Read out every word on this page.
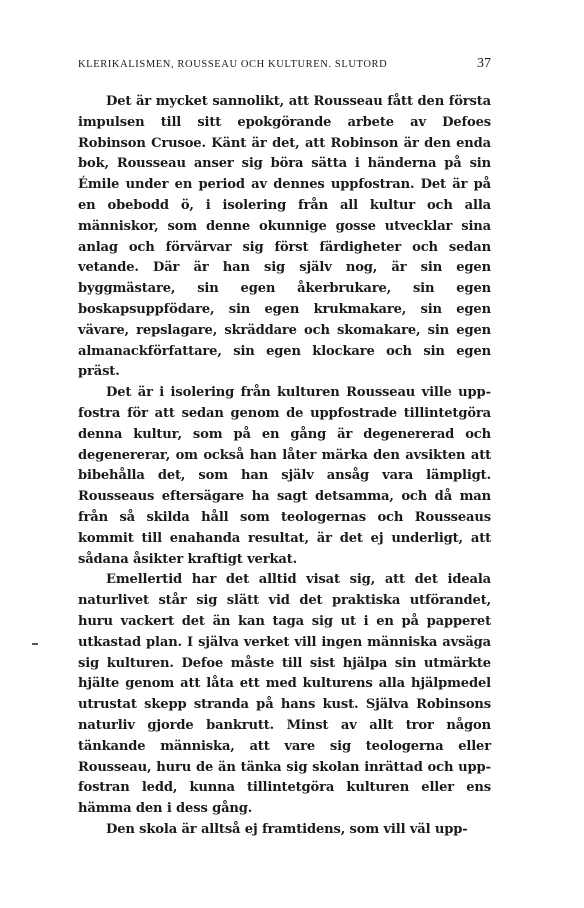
KLERIKALISMEN, ROUSSEAU OCH KULTUREN. SLUTORD	37

Det är mycket sannolikt, att Rousseau fått den första impulsen till sitt epokgörande arbete av Defoes Robinson Crusoe. Känt är det, att Robinson är den enda bok, Rousseau anser sig böra sätta i händerna på sin Émile under en period av dennes uppfostran. Det är på en obebodd ö, i isolering från all kultur och alla människor, som denne okunnige gosse utvecklar sina anlag och förvärvar sig först färdigheter och sedan vetande. Där är han sig själv nog, är sin egen byggmästare, sin egen åkerbrukare, sin egen boskapsuppfödare, sin egen krukmakare, sin egen vävare, repslagare, skräddare och skomakare, sin egen almanackförfattare, sin egen klockare och sin egen präst.

Det är i isolering från kulturen Rousseau ville uppfostra för att sedan genom de uppfostrade tillintetgöra denna kultur, som på en gång är degenererad och degenererar, om också han låter märka den avsikten att bibehålla det, som han själv ansåg vara lämpligt. Rousseaus eftersägare ha sagt detsamma, och då man från så skilda håll som teologernas och Rousseaus kommit till enahanda resultat, är det ej underligt, att sådana åsikter kraftigt verkat.

Emellertid har det alltid visat sig, att det ideala naturlivet står sig slätt vid det praktiska utförandet, huru vackert det än kan taga sig ut i en på papperet utkastad plan. I själva verket vill ingen människa avsäga sig kulturen. Defoe måste till sist hjälpa sin utmärkte hjälte genom att låta ett med kulturens alla hjälpmedel utrustat skepp stranda på hans kust. Själva Robinsons naturliv gjorde bankrutt. Minst av allt tror någon tänkande människa, att vare sig teologerna eller Rousseau, huru de än tänka sig skolan inrättad och uppfostran ledd, kunna tillintetgöra kulturen eller ens hämma den i dess gång.

Den skola är alltså ej framtidens, som vill väl upp-
